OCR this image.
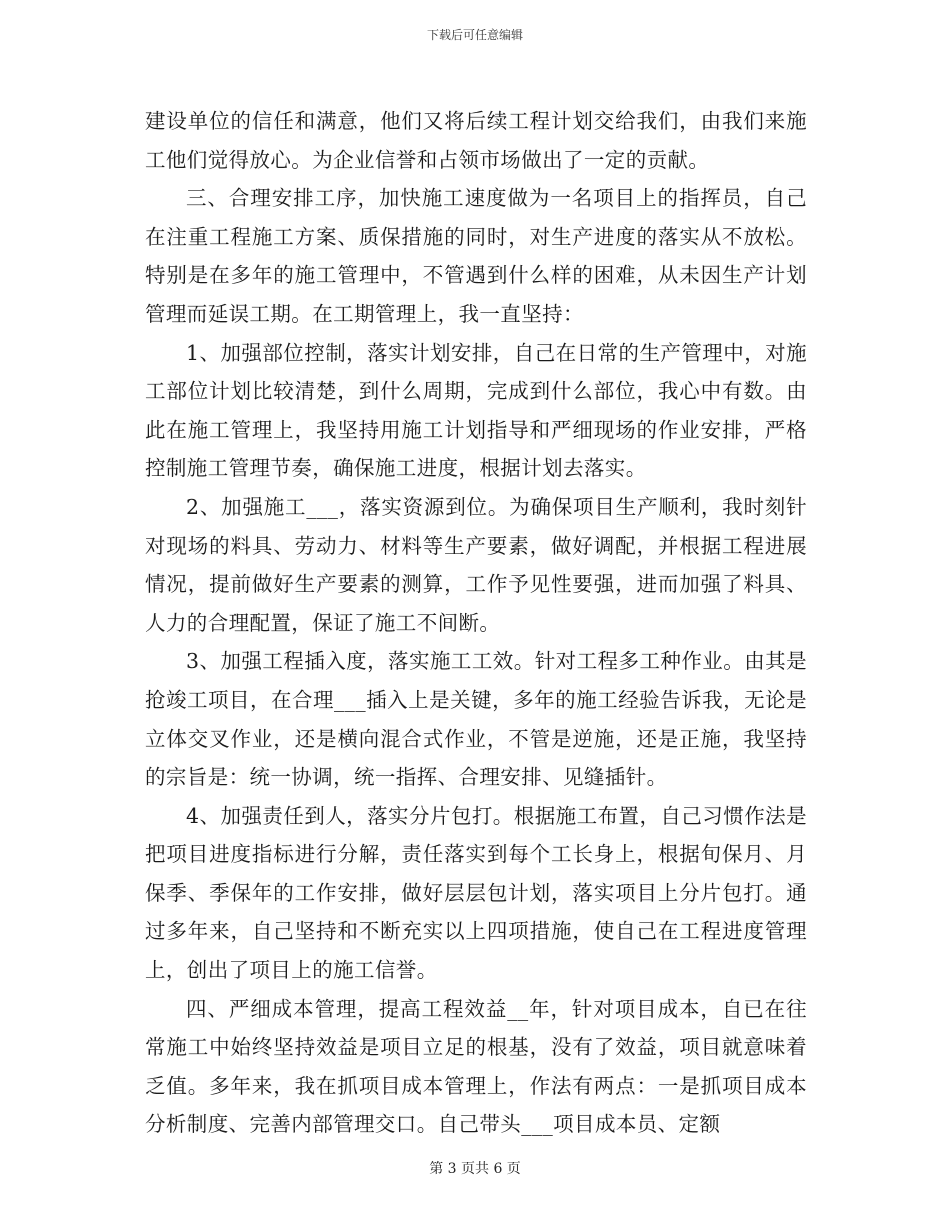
下载后可任意编辑

建设单位的信任和满意，他们又将后续工程计划交给我们，由我们来施工他们觉得放心。为企业信誉和占领市场做出了一定的贡献。

三、合理安排工序，加快施工速度做为一名项目上的指挥员，自己在注重工程施工方案、质保措施的同时，对生产进度的落实从不放松。特别是在多年的施工管理中，不管遇到什么样的困难，从未因生产计划管理而延误工期。在工期管理上，我一直坚持：

1、加强部位控制，落实计划安排，自己在日常的生产管理中，对施工部位计划比较清楚，到什么周期，完成到什么部位，我心中有数。由此在施工管理上，我坚持用施工计划指导和严细现场的作业安排，严格控制施工管理节奏，确保施工进度，根据计划去落实。

2、加强施工___，落实资源到位。为确保项目生产顺利，我时刻针对现场的料具、劳动力、材料等生产要素，做好调配，并根据工程进展情况，提前做好生产要素的测算，工作予见性要强，进而加强了料具、人力的合理配置，保证了施工不间断。

3、加强工程插入度，落实施工工效。针对工程多工种作业。由其是抢竣工项目，在合理___插入上是关键，多年的施工经验告诉我，无论是立体交叉作业，还是横向混合式作业，不管是逆施，还是正施，我坚持的宗旨是：统一协调，统一指挥、合理安排、见缝插针。

4、加强责任到人，落实分片包打。根据施工布置，自己习惯作法是把项目进度指标进行分解，责任落实到每个工长身上，根据旬保月、月保季、季保年的工作安排，做好层层包计划，落实项目上分片包打。通过多年来，自己坚持和不断充实以上四项措施，使自己在工程进度管理上，创出了项目上的施工信誉。

四、严细成本管理，提高工程效益__年，针对项目成本，自已在往常施工中始终坚持效益是项目立足的根基，没有了效益，项目就意味着乏值。多年来，我在抓项目成本管理上，作法有两点：一是抓项目成本分析制度、完善内部管理交口。自己带头___项目成本员、定额

第 3 页共 6 页
